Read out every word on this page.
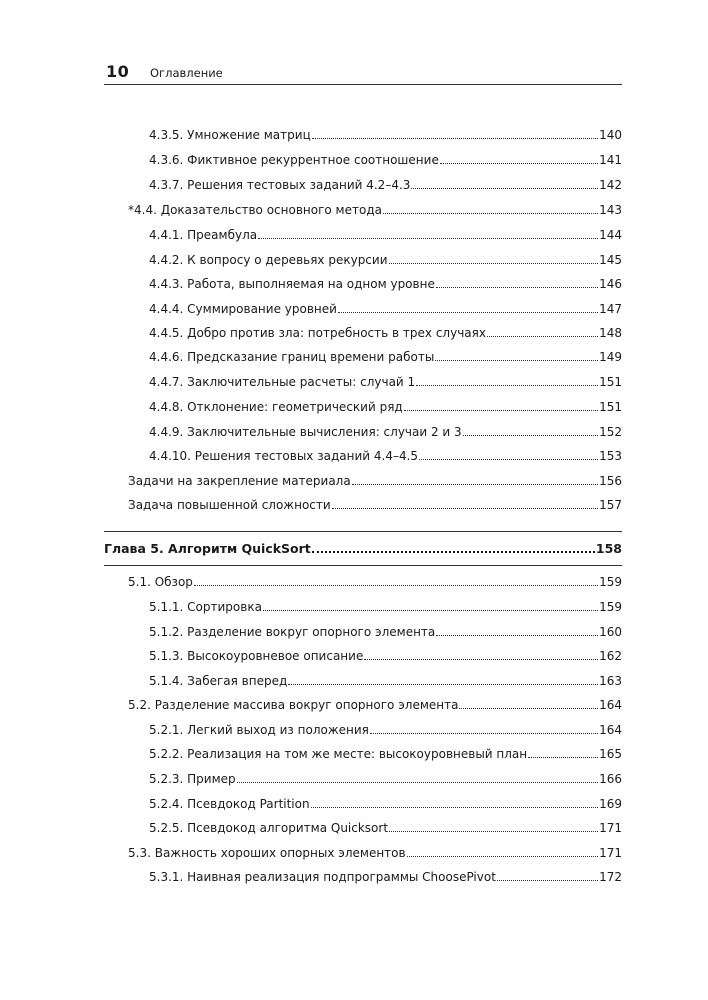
10 Оглавление
4.3.5. Умножение матриц	140
4.3.6. Фиктивное рекуррентное соотношение	141
4.3.7. Решения тестовых заданий 4.2–4.3	142
*4.4. Доказательство основного метода	143
4.4.1. Преамбула	144
4.4.2. К вопросу о деревьях рекурсии	145
4.4.3. Работа, выполняемая на одном уровне	146
4.4.4. Суммирование уровней	147
4.4.5. Добро против зла: потребность в трех случаях	148
4.4.6. Предсказание границ времени работы	149
4.4.7. Заключительные расчеты: случай 1	151
4.4.8. Отклонение: геометрический ряд	151
4.4.9. Заключительные вычисления: случаи 2 и 3	152
4.4.10. Решения тестовых заданий 4.4–4.5	153
Задачи на закрепление материала	156
Задача повышенной сложности	157
Глава 5. Алгоритм QuickSort	158
5.1. Обзор	159
5.1.1. Сортировка	159
5.1.2. Разделение вокруг опорного элемента	160
5.1.3. Высокоуровневое описание	162
5.1.4. Забегая вперед	163
5.2. Разделение массива вокруг опорного элемента	164
5.2.1. Легкий выход из положения	164
5.2.2. Реализация на том же месте: высокоуровневый план	165
5.2.3. Пример	166
5.2.4. Псевдокод Partition	169
5.2.5. Псевдокод алгоритма Quicksort	171
5.3. Важность хороших опорных элементов	171
5.3.1. Наивная реализация подпрограммы ChoosePivot	172
